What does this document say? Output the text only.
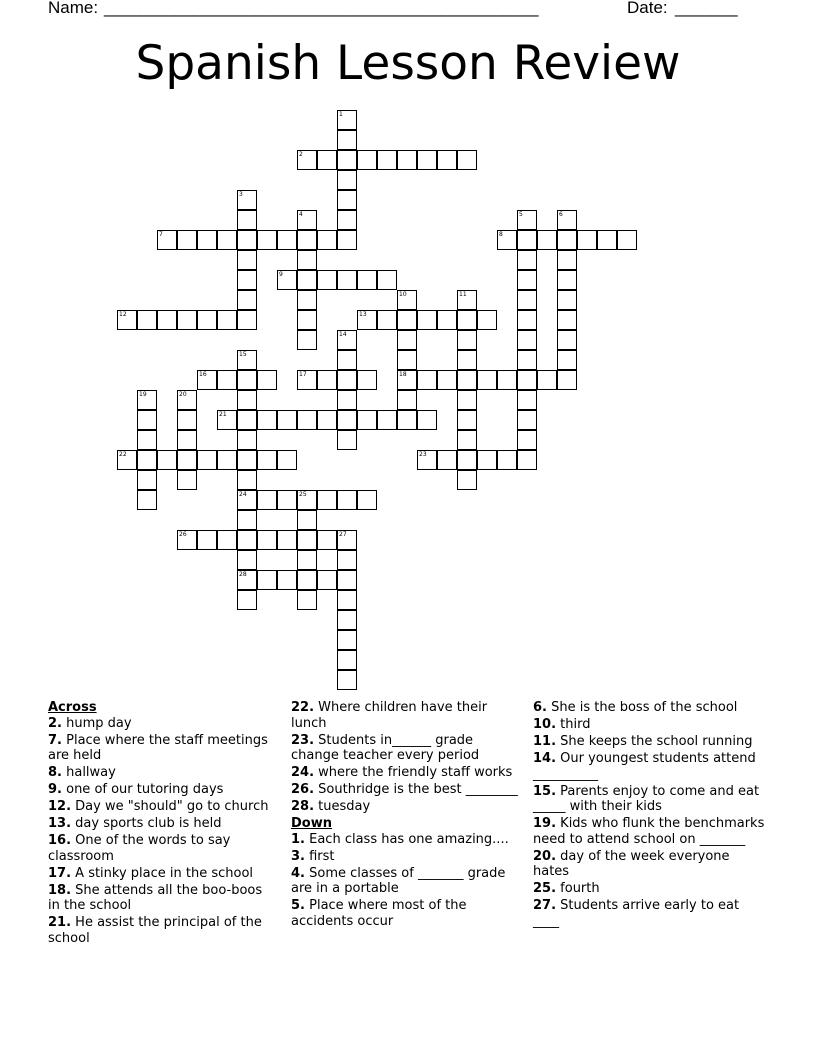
Name: _________________________________________________	Date: _______
Spanish Lesson Review
1
2
3
4	5	6
7	8
9
10
18
11
12	13
14
15
24
28
16	17
19	20
21
22	23
25
26	27
Across
2. hump day
7. Place where the staff meetings are held
8. hallway
9. one of our tutoring days
12. Day we "should" go to church
13. day sports club is held
16. One of the words to say classroom
17. A stinky place in the school
18. She attends all the boo-boos in the school
21. He assist the principal of the school
22. Where children have their lunch
23. Students in______ grade change teacher every period
24. where the friendly staff works
26. Southridge is the best ________
28. tuesday
Down
1. Each class has one amazing....
3. first
4. Some classes of _______ grade are in a portable
5. Place where most of the accidents occur
6. She is the boss of the school
10. third
11. She keeps the school running
14. Our youngest students attend __________
15. Parents enjoy to come and eat _____ with their kids
19. Kids who flunk the benchmarks need to attend school on _______
20. day of the week everyone hates
25. fourth
27. Students arrive early to eat ____
